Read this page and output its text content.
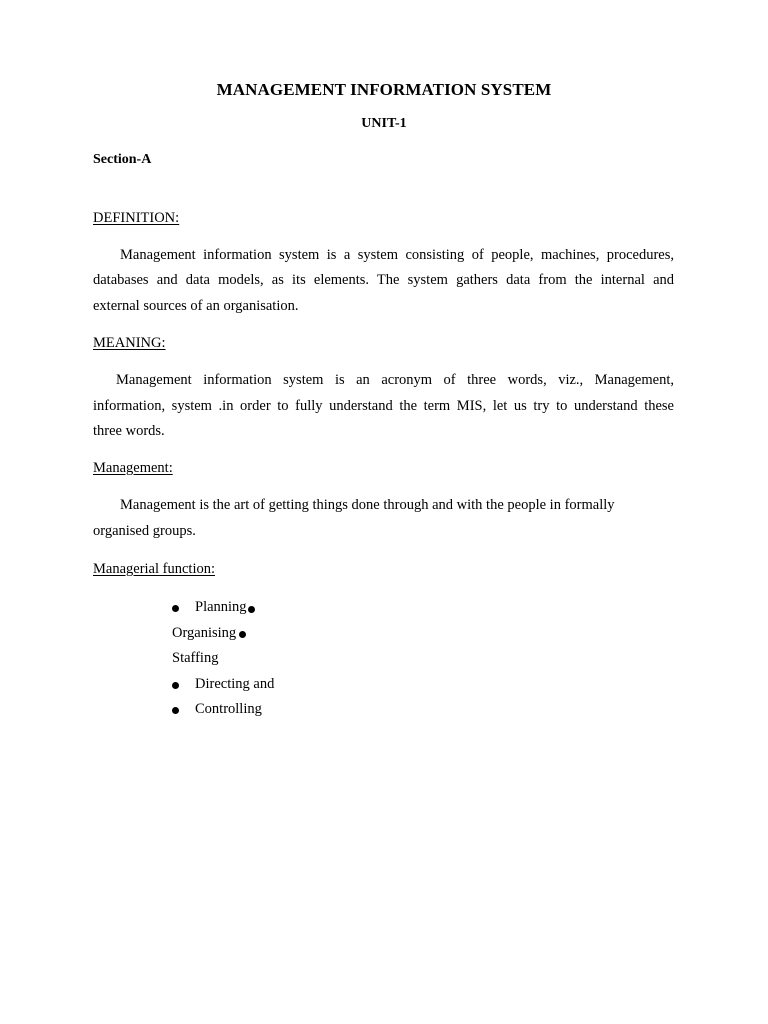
MANAGEMENT INFORMATION SYSTEM
UNIT-1
Section-A
DEFINITION:
Management information system is a system consisting of people, machines, procedures,
databases and data models, as its elements. The system gathers data from the internal and
external sources of an organisation.
MEANING:
Management information system is an acronym of three words, viz., Management,
information, system .in order to fully understand the term MIS, let us try to understand these
three words.
Management:
Management is the art of getting things done through and with the people in formally
organised groups.
Managerial function:
Planning
Organising
Staffing
Directing and
Controlling
